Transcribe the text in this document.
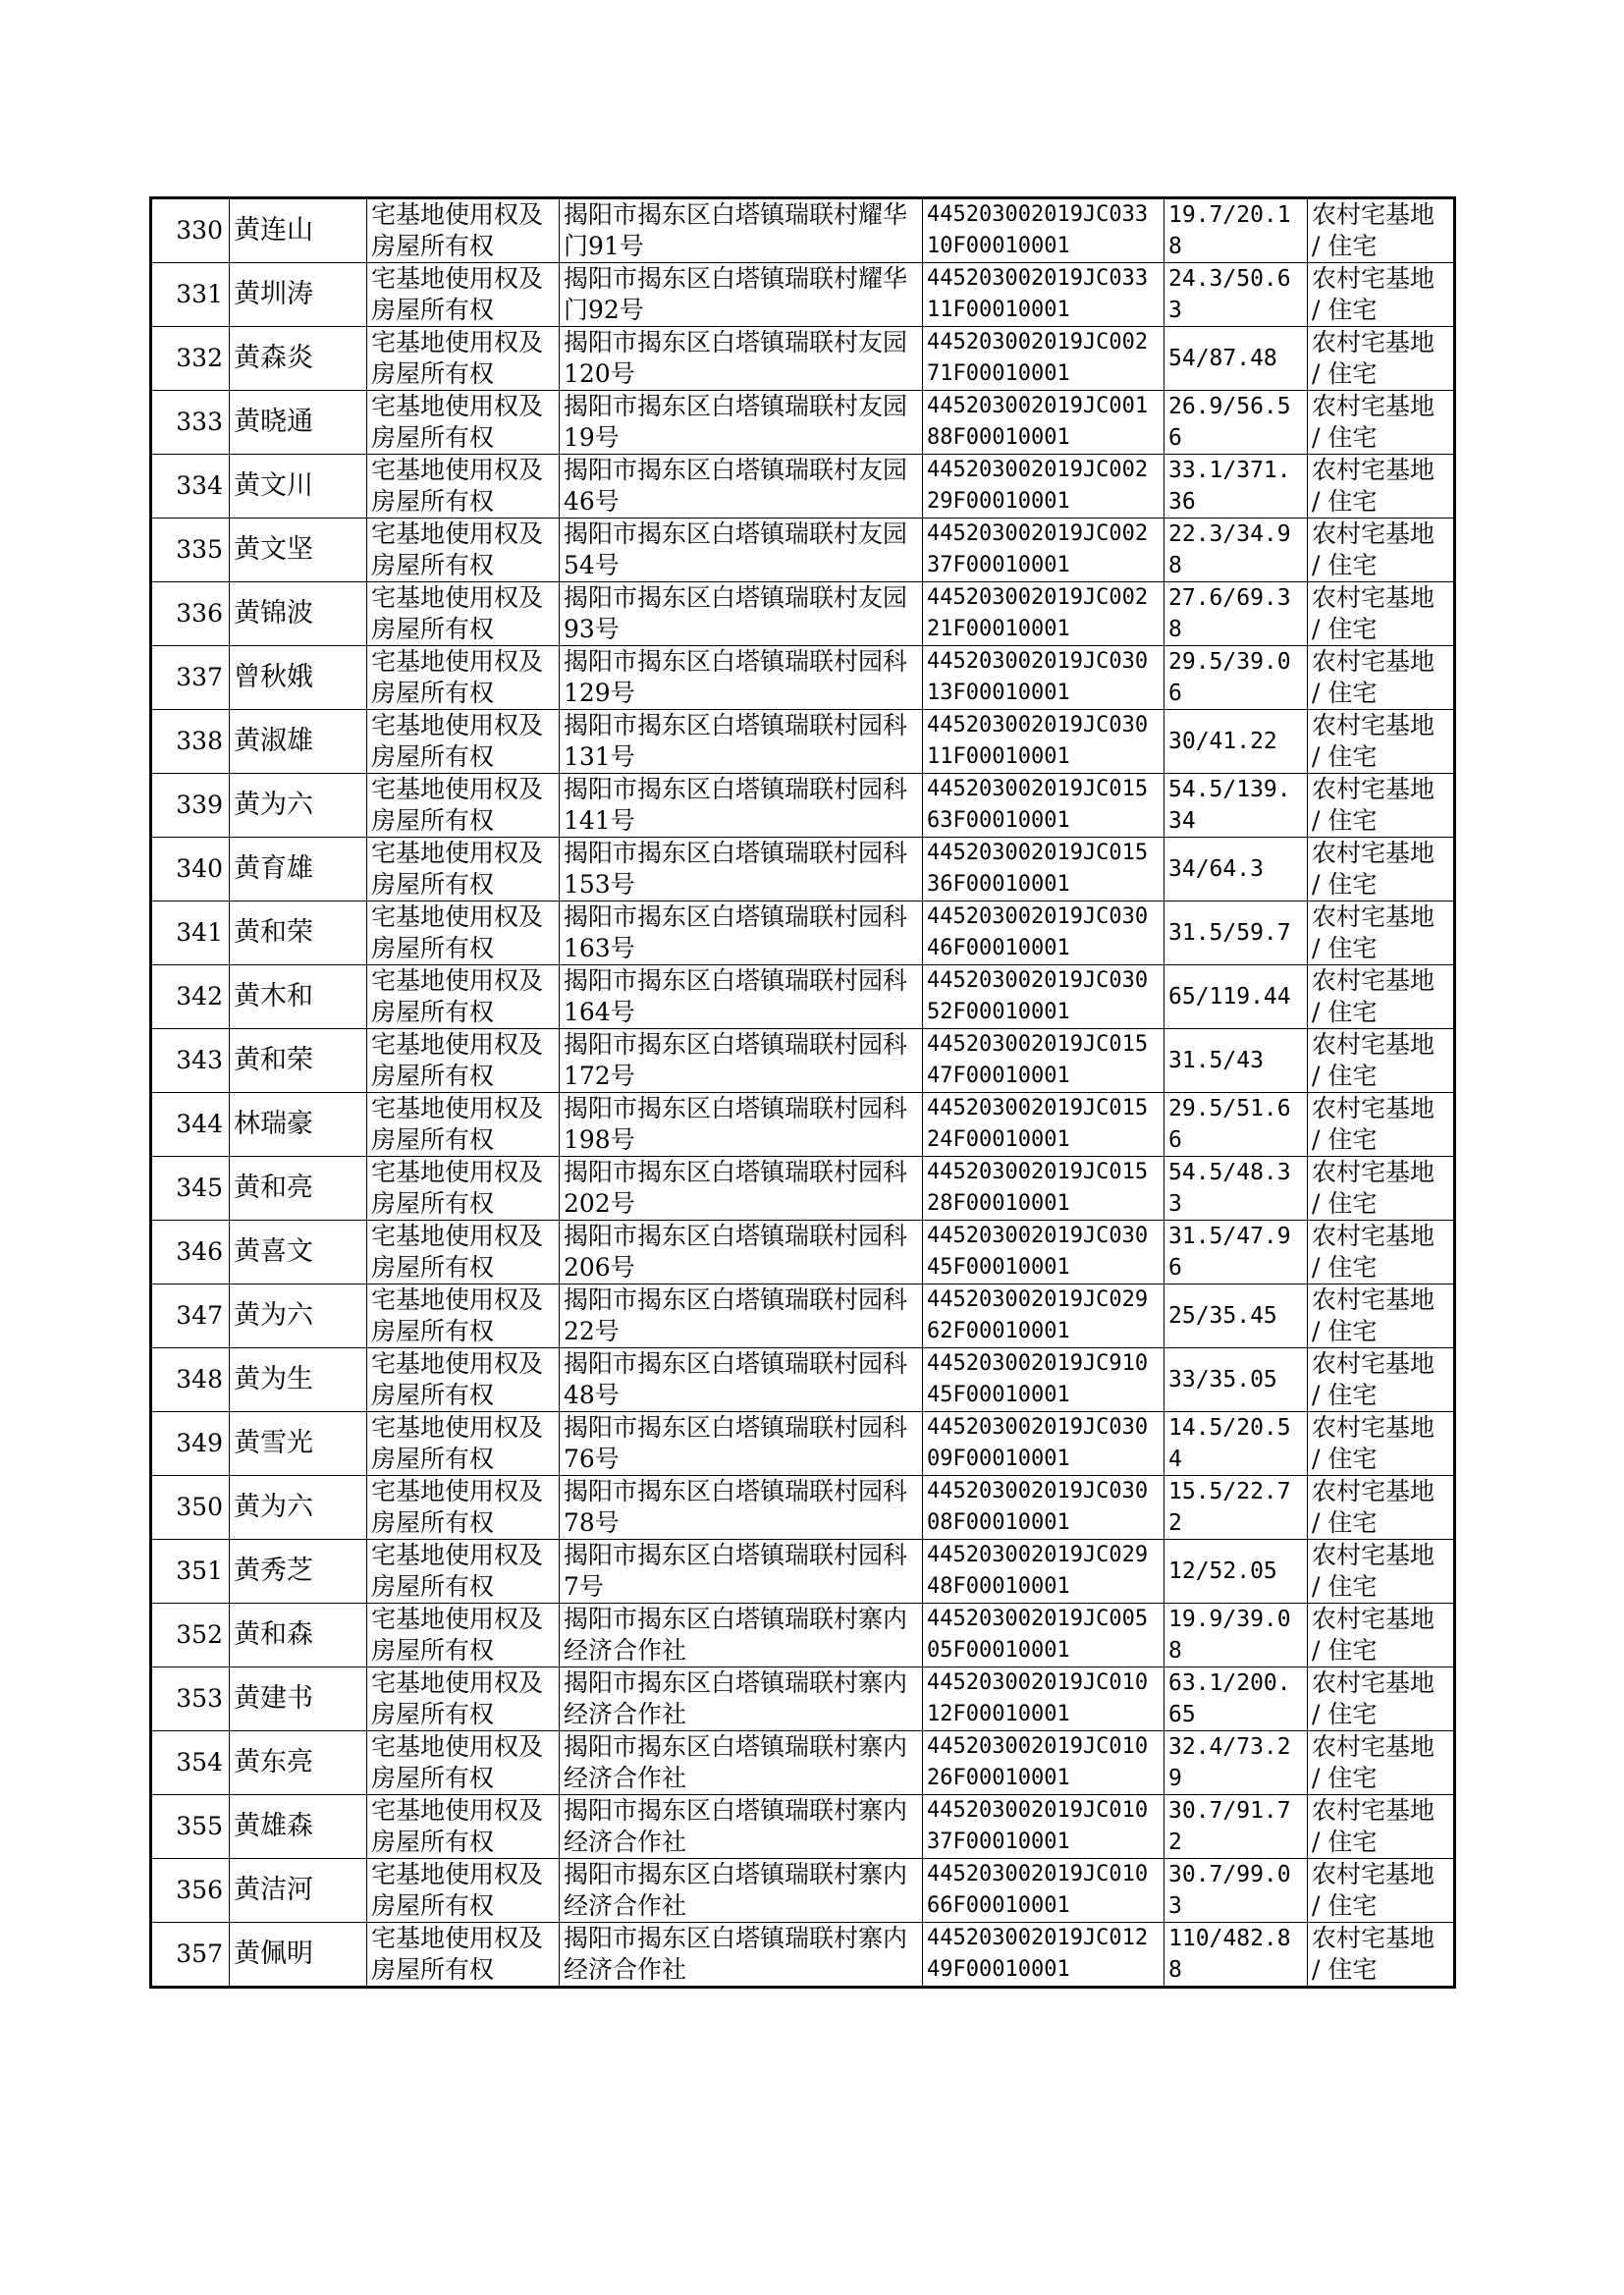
330	黄连山	宅基地使用权及房屋所有权	揭阳市揭东区白塔镇瑞联村耀华门91号	445203002019JC03310F00010001	19.7/20.18	农村宅基地 / 住宅
331	黄圳涛	宅基地使用权及房屋所有权	揭阳市揭东区白塔镇瑞联村耀华门92号	445203002019JC03311F00010001	24.3/50.63	农村宅基地 / 住宅
332	黄森炎	宅基地使用权及房屋所有权	揭阳市揭东区白塔镇瑞联村友园120号	445203002019JC00271F00010001	54/87.48	农村宅基地 / 住宅
333	黄晓通	宅基地使用权及房屋所有权	揭阳市揭东区白塔镇瑞联村友园19号	445203002019JC00188F00010001	26.9/56.56	农村宅基地 / 住宅
334	黄文川	宅基地使用权及房屋所有权	揭阳市揭东区白塔镇瑞联村友园46号	445203002019JC00229F00010001	33.1/371.36	农村宅基地 / 住宅
335	黄文坚	宅基地使用权及房屋所有权	揭阳市揭东区白塔镇瑞联村友园54号	445203002019JC00237F00010001	22.3/34.98	农村宅基地 / 住宅
336	黄锦波	宅基地使用权及房屋所有权	揭阳市揭东区白塔镇瑞联村友园93号	445203002019JC00221F00010001	27.6/69.38	农村宅基地 / 住宅
337	曾秋娥	宅基地使用权及房屋所有权	揭阳市揭东区白塔镇瑞联村园科129号	445203002019JC03013F00010001	29.5/39.06	农村宅基地 / 住宅
338	黄淑雄	宅基地使用权及房屋所有权	揭阳市揭东区白塔镇瑞联村园科131号	445203002019JC03011F00010001	30/41.22	农村宅基地 / 住宅
339	黄为六	宅基地使用权及房屋所有权	揭阳市揭东区白塔镇瑞联村园科141号	445203002019JC01563F00010001	54.5/139.34	农村宅基地 / 住宅
340	黄育雄	宅基地使用权及房屋所有权	揭阳市揭东区白塔镇瑞联村园科153号	445203002019JC01536F00010001	34/64.3	农村宅基地 / 住宅
341	黄和荣	宅基地使用权及房屋所有权	揭阳市揭东区白塔镇瑞联村园科163号	445203002019JC03046F00010001	31.5/59.7	农村宅基地 / 住宅
342	黄木和	宅基地使用权及房屋所有权	揭阳市揭东区白塔镇瑞联村园科164号	445203002019JC03052F00010001	65/119.44	农村宅基地 / 住宅
343	黄和荣	宅基地使用权及房屋所有权	揭阳市揭东区白塔镇瑞联村园科172号	445203002019JC01547F00010001	31.5/43	农村宅基地 / 住宅
344	林瑞豪	宅基地使用权及房屋所有权	揭阳市揭东区白塔镇瑞联村园科198号	445203002019JC01524F00010001	29.5/51.66	农村宅基地 / 住宅
345	黄和亮	宅基地使用权及房屋所有权	揭阳市揭东区白塔镇瑞联村园科202号	445203002019JC01528F00010001	54.5/48.33	农村宅基地 / 住宅
346	黄喜文	宅基地使用权及房屋所有权	揭阳市揭东区白塔镇瑞联村园科206号	445203002019JC03045F00010001	31.5/47.96	农村宅基地 / 住宅
347	黄为六	宅基地使用权及房屋所有权	揭阳市揭东区白塔镇瑞联村园科22号	445203002019JC02962F00010001	25/35.45	农村宅基地 / 住宅
348	黄为生	宅基地使用权及房屋所有权	揭阳市揭东区白塔镇瑞联村园科48号	445203002019JC91045F00010001	33/35.05	农村宅基地 / 住宅
349	黄雪光	宅基地使用权及房屋所有权	揭阳市揭东区白塔镇瑞联村园科76号	445203002019JC03009F00010001	14.5/20.54	农村宅基地 / 住宅
350	黄为六	宅基地使用权及房屋所有权	揭阳市揭东区白塔镇瑞联村园科78号	445203002019JC03008F00010001	15.5/22.72	农村宅基地 / 住宅
351	黄秀芝	宅基地使用权及房屋所有权	揭阳市揭东区白塔镇瑞联村园科7号	445203002019JC02948F00010001	12/52.05	农村宅基地 / 住宅
352	黄和森	宅基地使用权及房屋所有权	揭阳市揭东区白塔镇瑞联村寨内经济合作社	445203002019JC00505F00010001	19.9/39.08	农村宅基地 / 住宅
353	黄建书	宅基地使用权及房屋所有权	揭阳市揭东区白塔镇瑞联村寨内经济合作社	445203002019JC01012F00010001	63.1/200.65	农村宅基地 / 住宅
354	黄东亮	宅基地使用权及房屋所有权	揭阳市揭东区白塔镇瑞联村寨内经济合作社	445203002019JC01026F00010001	32.4/73.29	农村宅基地 / 住宅
355	黄雄森	宅基地使用权及房屋所有权	揭阳市揭东区白塔镇瑞联村寨内经济合作社	445203002019JC01037F00010001	30.7/91.72	农村宅基地 / 住宅
356	黄洁河	宅基地使用权及房屋所有权	揭阳市揭东区白塔镇瑞联村寨内经济合作社	445203002019JC01066F00010001	30.7/99.03	农村宅基地 / 住宅
357	黄佩明	宅基地使用权及房屋所有权	揭阳市揭东区白塔镇瑞联村寨内经济合作社	445203002019JC01249F00010001	110/482.88	农村宅基地 / 住宅
